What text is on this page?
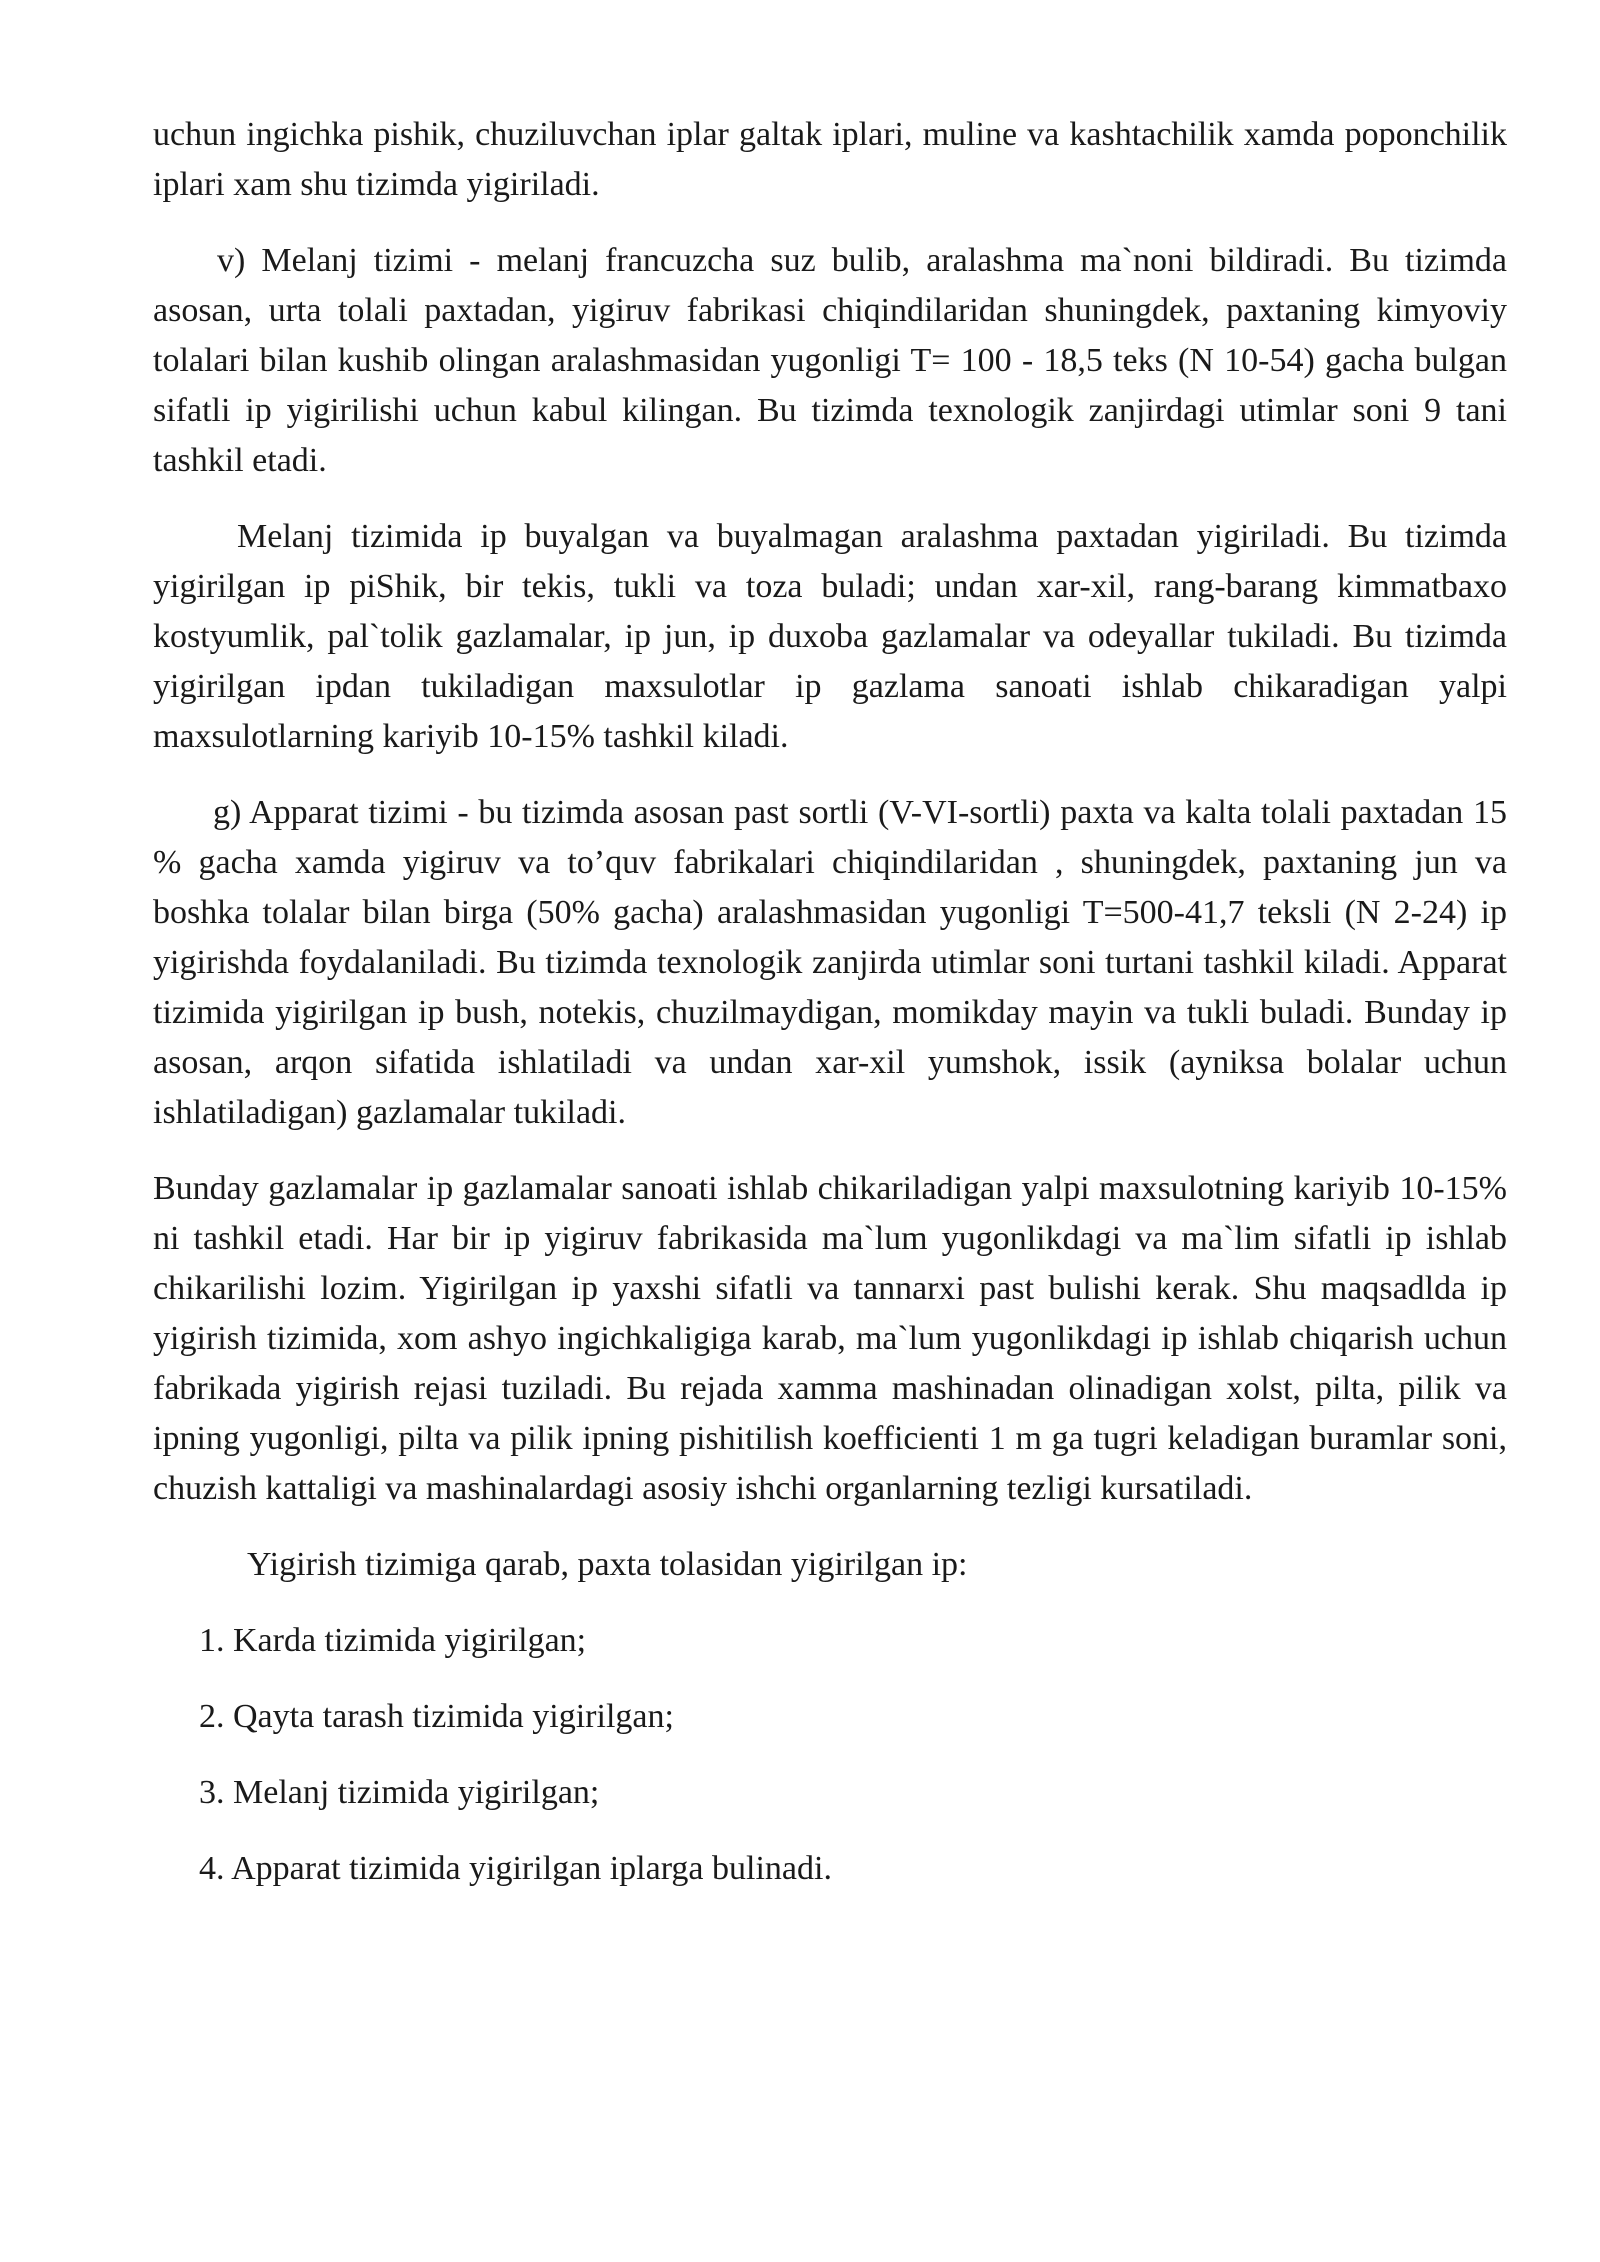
uchun ingichka pishik, chuziluvchan iplar galtak iplari, muline va kashtachilik xamda poponchilik iplari xam shu tizimda yigiriladi.

v) Melanj tizimi - melanj francuzcha suz bulib, aralashma ma`noni bildiradi. Bu tizimda asosan, urta tolali paxtadan, yigiruv fabrikasi chiqindilaridan shuningdek, paxtaning kimyoviy tolalari bilan kushib olingan aralashmasidan yugonligi T= 100 - 18,5 teks (N 10-54) gacha bulgan sifatli ip yigirilishi uchun kabul kilingan. Bu tizimda texnologik zanjirdagi utimlar soni 9 tani tashkil etadi.

Melanj tizimida ip buyalgan va buyalmagan aralashma paxtadan yigiriladi. Bu tizimda yigirilgan ip piShik, bir tekis, tukli va toza buladi; undan xar-xil, rang-barang kimmatbaxo kostyumlik, pal`tolik gazlamalar, ip jun, ip duxoba gazlamalar va odeyallar tukiladi. Bu tizimda yigirilgan ipdan tukiladigan maxsulotlar ip gazlama sanoati ishlab chikaradigan yalpi maxsulotlarning kariyib 10-15% tashkil kiladi.

g) Apparat tizimi - bu tizimda asosan past sortli (V-VI-sortli) paxta va kalta tolali paxtadan 15 % gacha xamda yigiruv va to’quv fabrikalari chiqindilaridan , shuningdek, paxtaning jun va boshka tolalar bilan birga (50% gacha) aralashmasidan yugonligi T=500-41,7 teksli (N 2-24) ip yigirishda foydalaniladi. Bu tizimda texnologik zanjirda utimlar soni turtani tashkil kiladi. Apparat tizimida yigirilgan ip bush, notekis, chuzilmaydigan, momikday mayin va tukli buladi. Bunday ip asosan, arqon sifatida ishlatiladi va undan xar-xil yumshok, issik (ayniksa bolalar uchun ishlatiladigan) gazlamalar tukiladi.

Bunday gazlamalar ip gazlamalar sanoati ishlab chikariladigan yalpi maxsulotning kariyib 10-15% ni tashkil etadi. Har bir ip yigiruv fabrikasida ma`lum yugonlikdagi va ma`lim sifatli ip ishlab chikarilishi lozim. Yigirilgan ip yaxshi sifatli va tannarxi past bulishi kerak. Shu maqsadlda ip yigirish tizimida, xom ashyo ingichkaligiga karab, ma`lum yugonlikdagi ip ishlab chiqarish uchun fabrikada yigirish rejasi tuziladi. Bu rejada xamma mashinadan olinadigan xolst, pilta, pilik va ipning yugonligi, pilta va pilik ipning pishitilish koefficienti 1 m ga tugri keladigan buramlar soni, chuzish kattaligi va mashinalardagi asosiy ishchi organlarning tezligi kursatiladi.

Yigirish tizimiga qarab, paxta tolasidan yigirilgan ip:
1. Karda tizimida yigirilgan;
2. Qayta tarash tizimida yigirilgan;
3. Melanj tizimida yigirilgan;
4. Apparat tizimida yigirilgan iplarga bulinadi.
